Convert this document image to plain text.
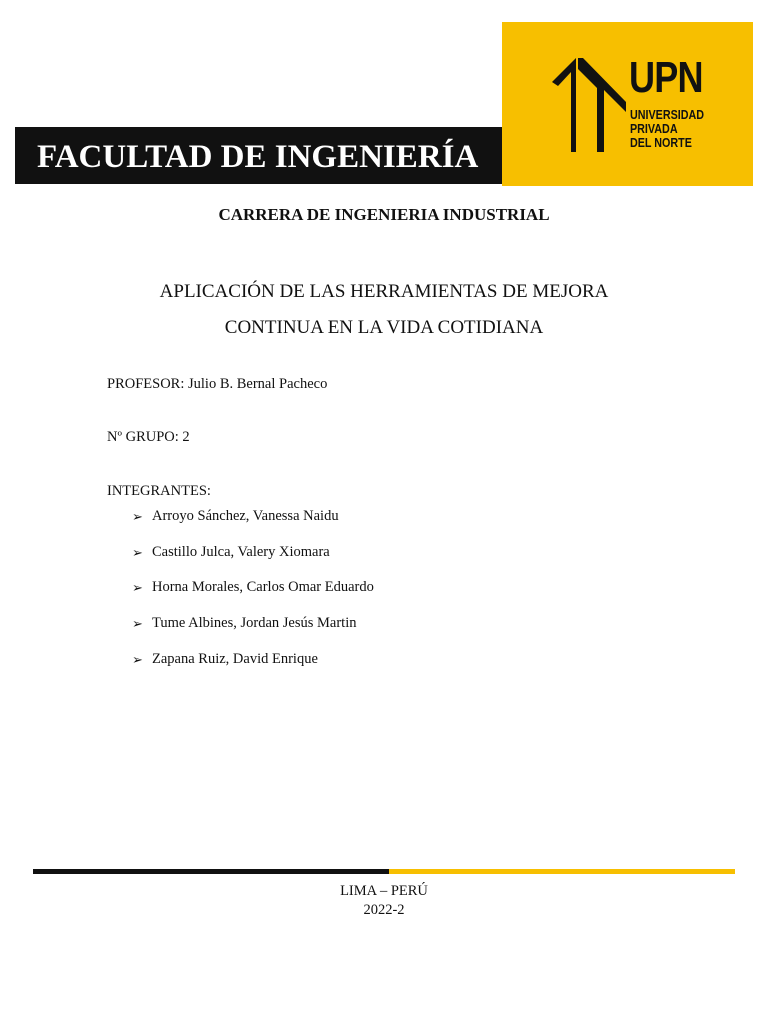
UPN
UNIVERSIDAD
PRIVADA
DEL NORTE
FACULTAD DE INGENIERÍA
CARRERA DE INGENIERIA INDUSTRIAL
APLICACIÓN DE LAS HERRAMIENTAS DE MEJORA
CONTINUA EN LA VIDA COTIDIANA
PROFESOR: Julio B. Bernal Pacheco
Nº GRUPO: 2
INTEGRANTES:
➢ Arroyo Sánchez, Vanessa Naidu
➢ Castillo Julca, Valery Xiomara
➢ Horna Morales, Carlos Omar Eduardo
➢ Tume Albines, Jordan Jesús Martin
➢ Zapana Ruiz, David Enrique
LIMA – PERÚ
2022-2
